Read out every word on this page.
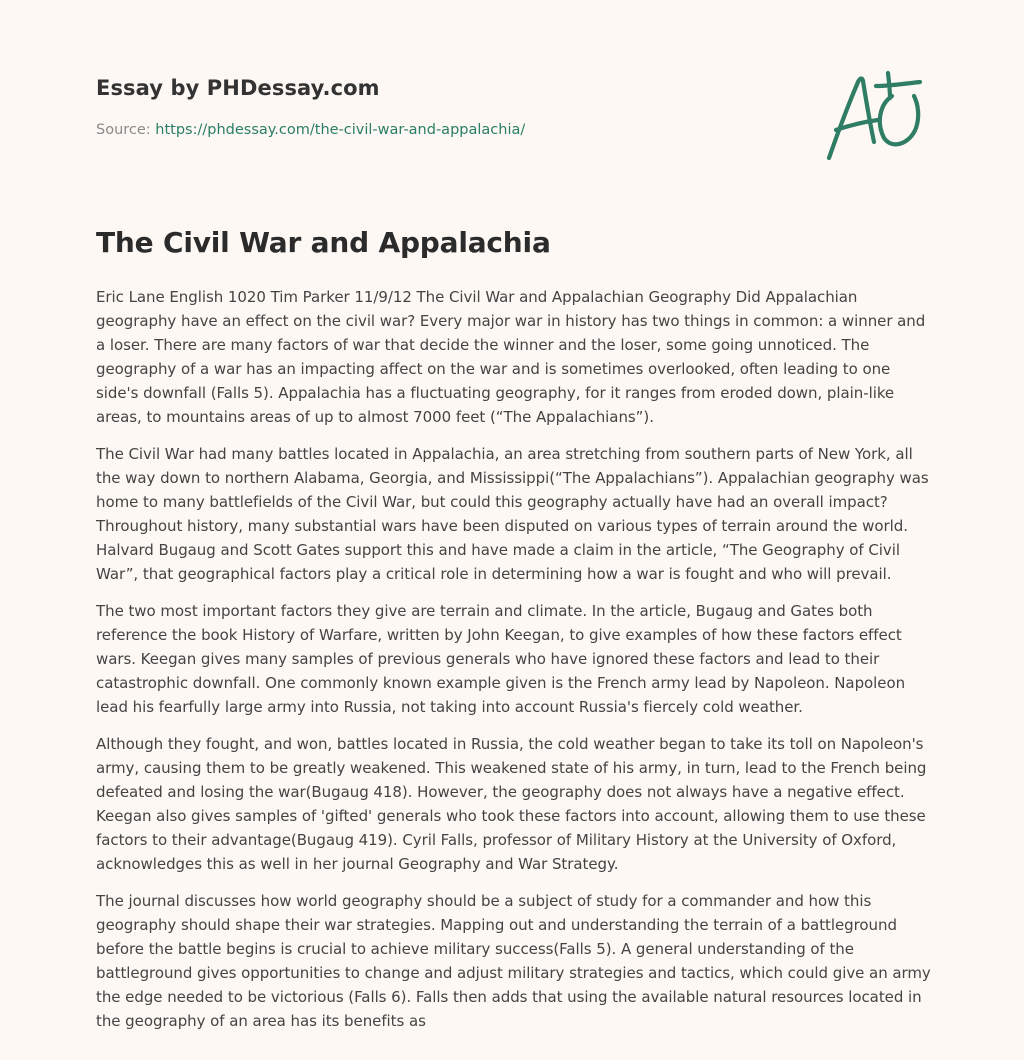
Essay by PHDessay.com
Source: https://phdessay.com/the-civil-war-and-appalachia/
The Civil War and Appalachia

Eric Lane English 1020 Tim Parker 11/9/12 The Civil War and Appalachian Geography Did Appalachian geography have an effect on the civil war? Every major war in history has two things in common: a winner and a loser. There are many factors of war that decide the winner and the loser, some going unnoticed. The geography of a war has an impacting affect on the war and is sometimes overlooked, often leading to one side's downfall (Falls 5). Appalachia has a fluctuating geography, for it ranges from eroded down, plain-like areas, to mountains areas of up to almost 7000 feet (“The Appalachians”).

The Civil War had many battles located in Appalachia, an area stretching from southern parts of New York, all the way down to northern Alabama, Georgia, and Mississippi(“The Appalachians”). Appalachian geography was home to many battlefields of the Civil War, but could this geography actually have had an overall impact? Throughout history, many substantial wars have been disputed on various types of terrain around the world. Halvard Bugaug and Scott Gates support this and have made a claim in the article, “The Geography of Civil War”, that geographical factors play a critical role in determining how a war is fought and who will prevail.

The two most important factors they give are terrain and climate. In the article, Bugaug and Gates both reference the book History of Warfare, written by John Keegan, to give examples of how these factors effect wars. Keegan gives many samples of previous generals who have ignored these factors and lead to their catastrophic downfall. One commonly known example given is the French army lead by Napoleon. Napoleon lead his fearfully large army into Russia, not taking into account Russia's fiercely cold weather.

Although they fought, and won, battles located in Russia, the cold weather began to take its toll on Napoleon's army, causing them to be greatly weakened. This weakened state of his army, in turn, lead to the French being defeated and losing the war(Bugaug 418). However, the geography does not always have a negative effect. Keegan also gives samples of 'gifted' generals who took these factors into account, allowing them to use these factors to their advantage(Bugaug 419). Cyril Falls, professor of Military History at the University of Oxford, acknowledges this as well in her journal Geography and War Strategy.

The journal discusses how world geography should be a subject of study for a commander and how this geography should shape their war strategies. Mapping out and understanding the terrain of a battleground before the battle begins is crucial to achieve military success(Falls 5). A general understanding of the battleground gives opportunities to change and adjust military strategies and tactics, which could give an army the edge needed to be victorious (Falls 6). Falls then adds that using the available natural resources located in the geography of an area has its benefits as
